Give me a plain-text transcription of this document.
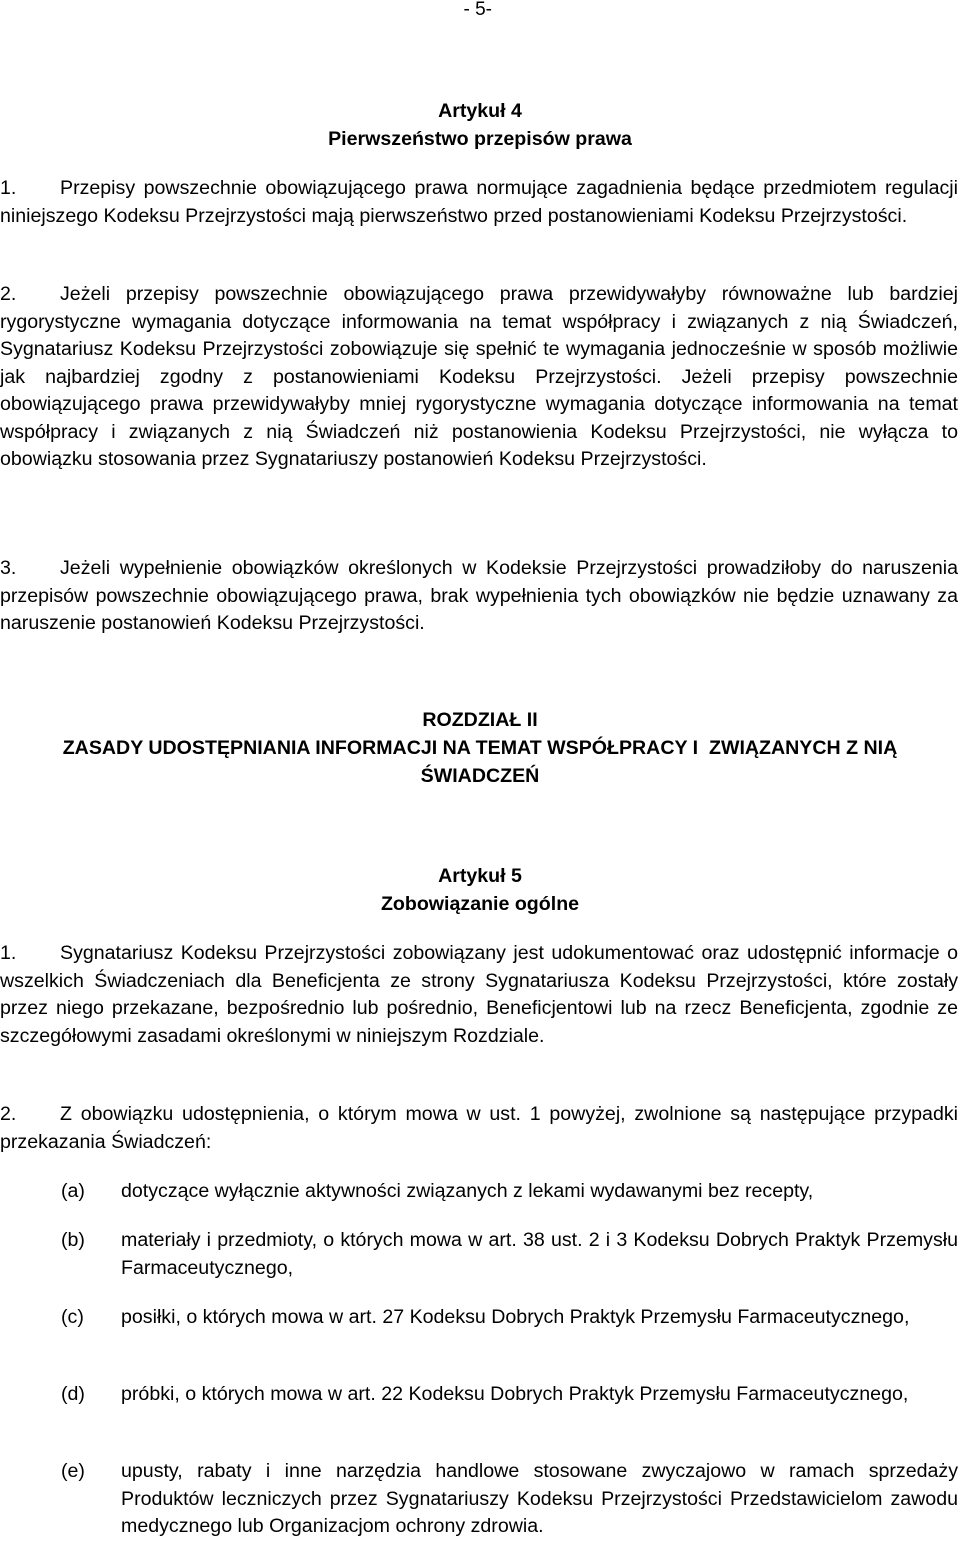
- 5-
Artykuł 4
Pierwszeństwo przepisów prawa
1. Przepisy powszechnie obowiązującego prawa normujące zagadnienia będące przedmiotem regulacji niniejszego Kodeksu Przejrzystości mają pierwszeństwo przed postanowieniami Kodeksu Przejrzystości.
2. Jeżeli przepisy powszechnie obowiązującego prawa przewidywałyby równoważne lub bardziej rygorystyczne wymagania dotyczące informowania na temat współpracy i związanych z nią Świadczeń, Sygnatariusz Kodeksu Przejrzystości zobowiązuje się spełnić te wymagania jednocześnie w sposób możliwie jak najbardziej zgodny z postanowieniami Kodeksu Przejrzystości. Jeżeli przepisy powszechnie obowiązującego prawa przewidywałyby mniej rygorystyczne wymagania dotyczące informowania na temat współpracy i związanych z nią Świadczeń niż postanowienia Kodeksu Przejrzystości, nie wyłącza to obowiązku stosowania przez Sygnatariuszy postanowień Kodeksu Przejrzystości.
3. Jeżeli wypełnienie obowiązków określonych w Kodeksie Przejrzystości prowadziłoby do naruszenia przepisów powszechnie obowiązującego prawa, brak wypełnienia tych obowiązków nie będzie uznawany za naruszenie postanowień Kodeksu Przejrzystości.
ROZDZIAŁ II
ZASADY UDOSTĘPNIANIA INFORMACJI NA TEMAT WSPÓŁPRACY I  ZWIĄZANYCH Z NIĄ
ŚWIADCZEŃ
Artykuł 5
Zobowiązanie ogólne
1. Sygnatariusz Kodeksu Przejrzystości zobowiązany jest udokumentować oraz udostępnić informacje o wszelkich Świadczeniach dla Beneficjenta ze strony Sygnatariusza Kodeksu Przejrzystości, które zostały przez niego przekazane, bezpośrednio lub pośrednio, Beneficjentowi lub na rzecz Beneficjenta, zgodnie ze szczegółowymi zasadami określonymi w niniejszym Rozdziale.
2. Z obowiązku udostępnienia, o którym mowa w ust. 1 powyżej, zwolnione są następujące przypadki przekazania Świadczeń:
(a) dotyczące wyłącznie aktywności związanych z lekami wydawanymi bez recepty,
(b) materiały i przedmioty, o których mowa w art. 38 ust. 2 i 3 Kodeksu Dobrych Praktyk Przemysłu Farmaceutycznego,
(c) posiłki, o których mowa w art. 27 Kodeksu Dobrych Praktyk Przemysłu Farmaceutycznego,
(d) próbki, o których mowa w art. 22 Kodeksu Dobrych Praktyk Przemysłu Farmaceutycznego,
(e) upusty, rabaty i inne narzędzia handlowe stosowane zwyczajowo w ramach sprzedaży Produktów leczniczych przez Sygnatariuszy Kodeksu Przejrzystości Przedstawicielom zawodu medycznego lub Organizacjom ochrony zdrowia.
